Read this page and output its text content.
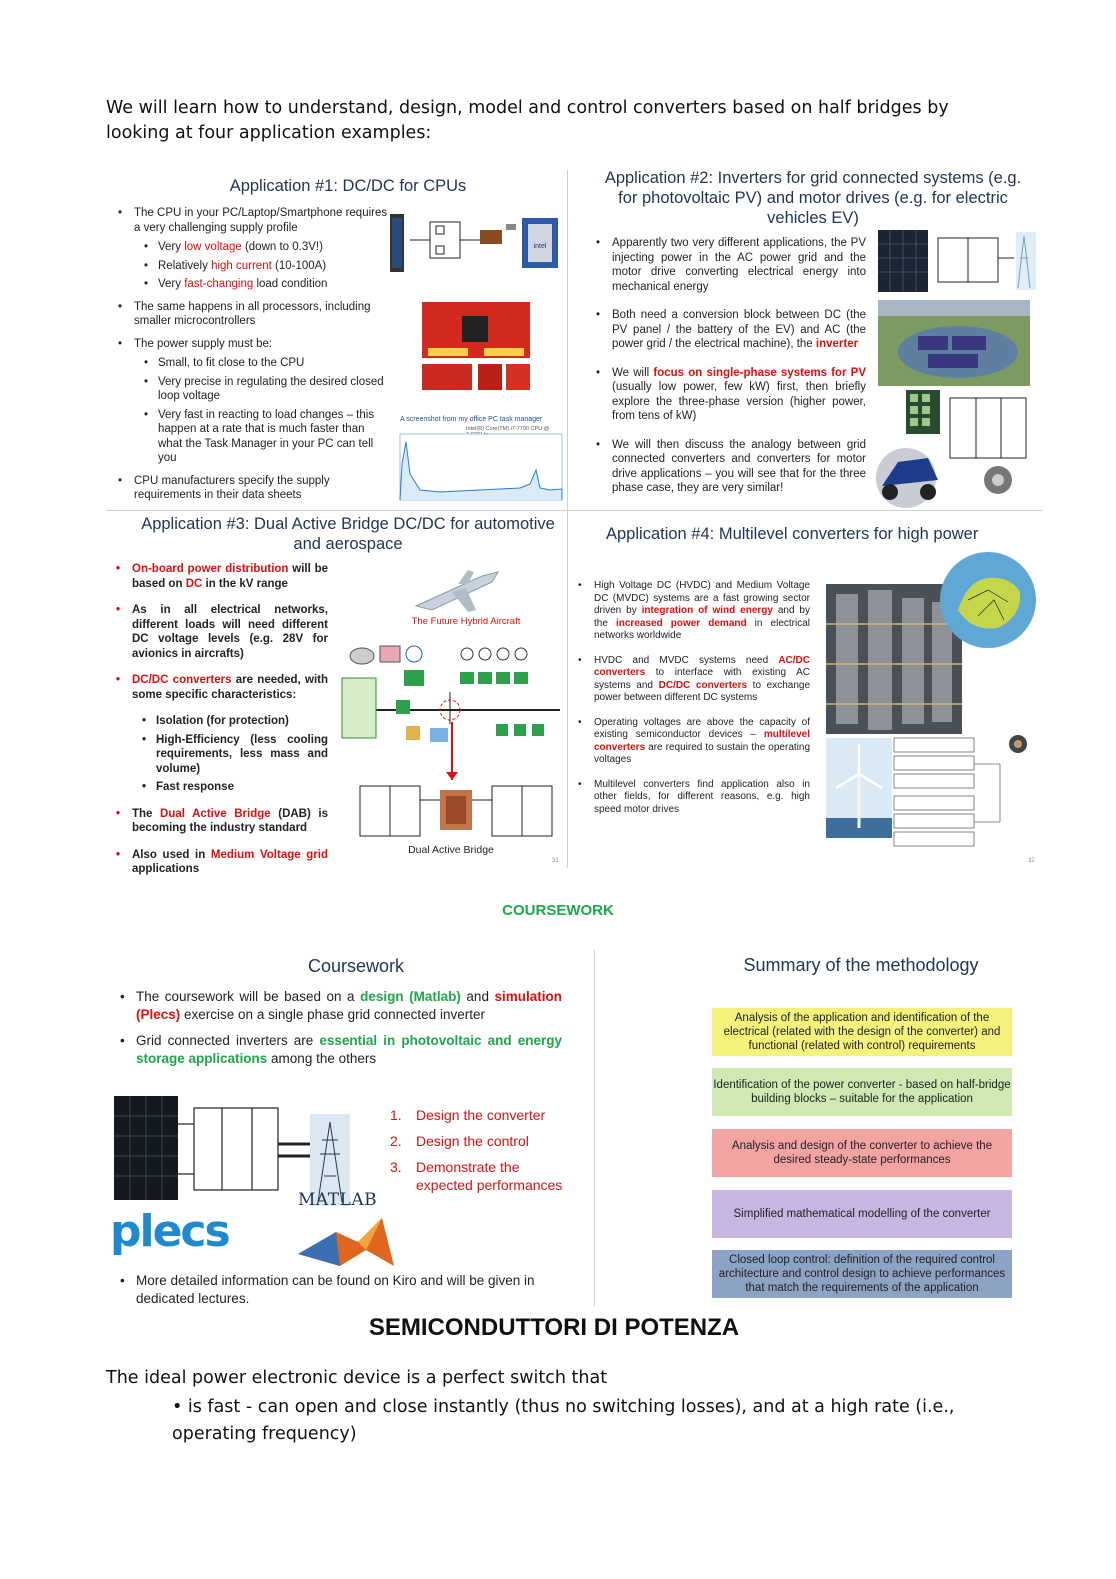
We will learn how to understand, design, model and control converters based on half bridges by looking at four application examples:
Application #1: DC/DC for CPUs
• The CPU in your PC/Laptop/Smartphone requires a very challenging supply profile
• Very low voltage (down to 0.3V!)
• Relatively high current (10-100A)
• Very fast-changing load condition
• The same happens in all processors, including smaller microcontrollers
• The power supply must be:
• Small, to fit close to the CPU
• Very precise in regulating the desired closed loop voltage
• Very fast in reacting to load changes – this happen at a rate that is much faster than what the Task Manager in your PC can tell you
• CPU manufacturers specify the supply requirements in their data sheets
intel
A screenshot from my office PC task manager
Intel(R) Core(TM) i7-7700 CPU @
Application #2: Inverters for grid connected systems (e.g. for photovoltaic PV) and motor drives (e.g. for electric vehicles EV)
• Apparently two very different applications, the PV injecting power in the AC power grid and the motor drive converting electrical energy into mechanical energy
• Both need a conversion block between DC (the PV panel / the battery of the EV) and AC (the power grid / the electrical machine), the inverter
• We will focus on single-phase systems for PV (usually low power, few kW) first, then briefly explore the three-phase version (higher power, from tens of kW)
• We will then discuss the analogy between grid connected converters and converters for motor drive applications – you will see that for the three phase case, they are very similar!
Application #3: Dual Active Bridge DC/DC for automotive and aerospace
• On-board power distribution will be based on DC in the kV range
• As in all electrical networks, different loads will need different DC voltage levels (e.g. 28V for avionics in aircrafts)
• DC/DC converters are needed, with some specific characteristics:
• Isolation (for protection)
• High-Efficiency (less cooling requirements, less mass and volume)
• Fast response
• The Dual Active Bridge (DAB) is becoming the industry standard
• Also used in Medium Voltage grid applications
The Future Hybrid Aircraft
Dual Active Bridge
31
Application #4: Multilevel converters for high power
• High Voltage DC (HVDC) and Medium Voltage DC (MVDC) systems are a fast growing sector driven by integration of wind energy and by the increased power demand in electrical networks worldwide
• HVDC and MVDC systems need AC/DC converters to interface with existing AC systems and DC/DC converters to exchange power between different DC systems
• Operating voltages are above the capacity of existing semiconductor devices – multilevel converters are required to sustain the operating voltages
• Multilevel converters find application also in other fields, for different reasons, e.g. high speed motor drives
32
COURSEWORK
Coursework
• The coursework will be based on a design (Matlab) and simulation (Plecs) exercise on a single phase grid connected inverter
• Grid connected inverters are essential in photovoltaic and energy storage applications among the others
plecs
MATLAB
1. Design the converter
2. Design the control
3. Demonstrate the expected performances
• More detailed information can be found on Kiro and will be given in dedicated lectures.
Summary of the methodology
Analysis of the application and identification of the electrical (related with the design of the converter) and functional (related with control) requirements
Identification of the power converter - based on half-bridge building blocks – suitable for the application
Analysis and design of the converter to achieve the desired steady-state performances
Simplified mathematical modelling of the converter
Closed loop control: definition of the required control architecture and control design to achieve performances that match the requirements of the application
SEMICONDUTTORI DI POTENZA
The ideal power electronic device is a perfect switch that
• is fast - can open and close instantly (thus no switching losses), and at a high rate (i.e., operating frequency)
